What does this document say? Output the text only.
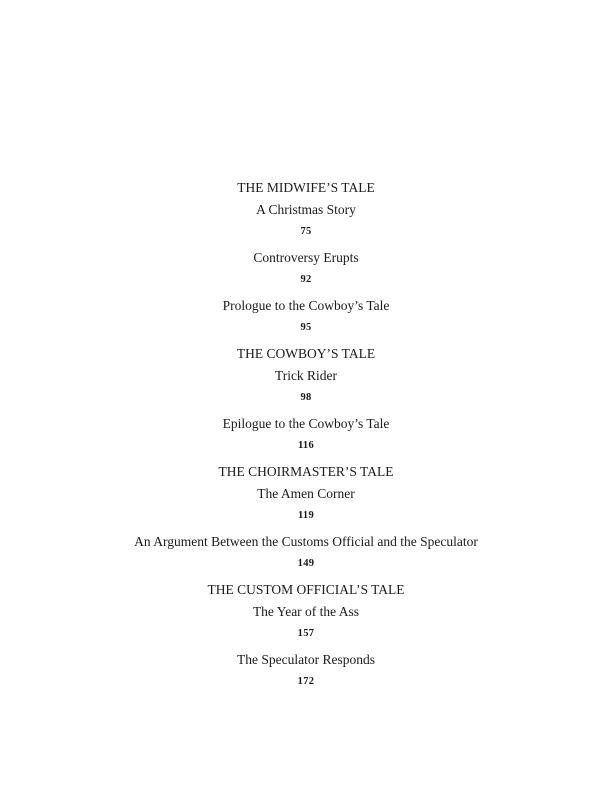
THE MIDWIFE’S TALE
A Christmas Story
75
Controversy Erupts
92
Prologue to the Cowboy’s Tale
95
THE COWBOY’S TALE
Trick Rider
98
Epilogue to the Cowboy’s Tale
116
THE CHOIRMASTER’S TALE
The Amen Corner
119
An Argument Between the Customs Official and the Speculator
149
THE CUSTOM OFFICIAL’S TALE
The Year of the Ass
157
The Speculator Responds
172
